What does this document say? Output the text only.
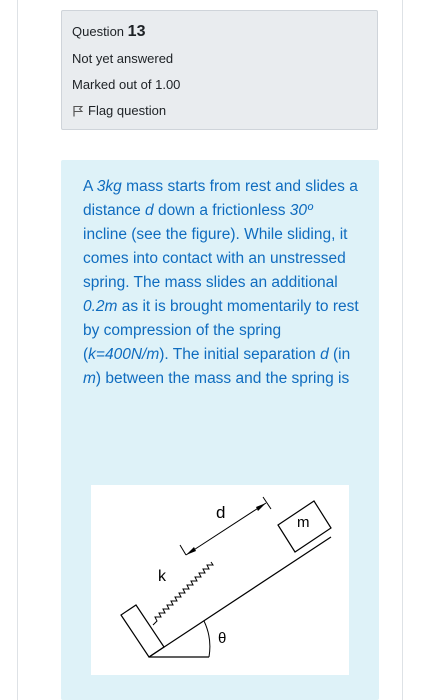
Question 13
Not yet answered
Marked out of 1.00
Flag question

A 3kg mass starts from rest and slides a distance d down a frictionless 30º incline (see the figure). While sliding, it comes into contact with an unstressed spring. The mass slides an additional 0.2m as it is brought momentarily to rest by compression of the spring (k=400N/m). The initial separation d (in m) between the mass and the spring is

d
m
k
θ
